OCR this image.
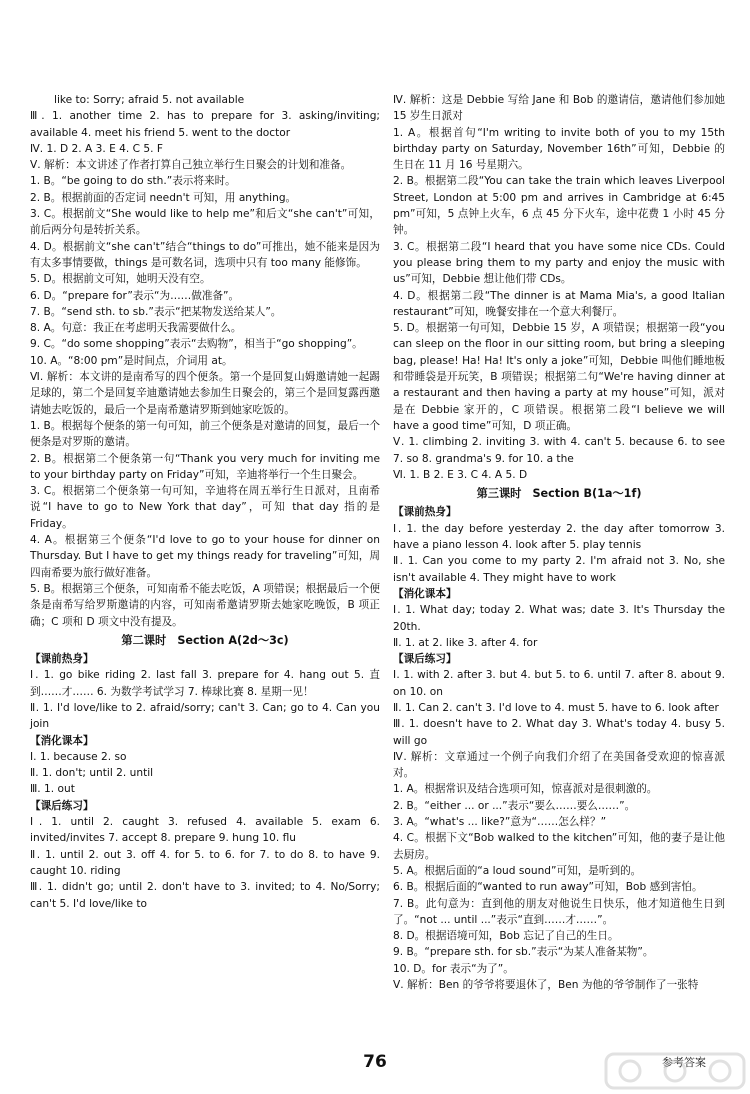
like to: Sorry; afraid 5. not available

Ⅲ. 1. another time 2. has to prepare for 3. asking/inviting; available 4. meet his friend 5. went to the doctor

Ⅳ. 1. D 2. A 3. E 4. C 5. F

Ⅴ. 解析：本文讲述了作者打算自己独立举行生日聚会的计划和准备。

1. B。“be going to do sth.”表示将来时。

2. B。根据前面的否定词 needn't 可知，用 anything。

3. C。根据前文“She would like to help me”和后文“she can't”可知，前后两分句是转折关系。

4. D。根据前文“she can't”结合“things to do”可推出，她不能来是因为有太多事情要做，things 是可数名词，选项中只有 too many 能修饰。

5. D。根据前文可知，她明天没有空。

6. D。“prepare for”表示“为……做准备”。

7. B。“send sth. to sb.”表示“把某物发送给某人”。

8. A。句意：我正在考虑明天我需要做什么。

9. C。“do some shopping”表示“去购物”，相当于“go shopping”。

10. A。“8:00 pm”是时间点，介词用 at。

Ⅵ. 解析：本文讲的是南希写的四个便条。第一个是回复山姆邀请她一起踢足球的，第二个是回复辛迪邀请她去参加生日聚会的，第三个是回复露西邀请她去吃饭的，最后一个是南希邀请罗斯到她家吃饭的。

1. B。根据每个便条的第一句可知，前三个便条是对邀请的回复，最后一个便条是对罗斯的邀请。

2. B。根据第二个便条第一句“Thank you very much for inviting me to your birthday party on Friday”可知，辛迪将举行一个生日聚会。

3. C。根据第二个便条第一句可知，辛迪将在周五举行生日派对，且南希说“I have to go to New York that day”，可知 that day 指的是 Friday。

4. A。根据第三个便条“I'd love to go to your house for dinner on Thursday. But I have to get my things ready for traveling”可知，周四南希要为旅行做好准备。

5. B。根据第三个便条，可知南希不能去吃饭，A 项错误；根据最后一个便条是南希写给罗斯邀请的内容，可知南希邀请罗斯去她家吃晚饭，B 项正确；C 项和 D 项文中没有提及。

第二课时　Section A(2d～3c)

【课前热身】

Ⅰ. 1. go bike riding 2. last fall 3. prepare for 4. hang out 5. 直到……才…… 6. 为数学考试学习 7. 棒球比赛 8. 星期一见！

Ⅱ. 1. I'd love/like to 2. afraid/sorry; can't 3. Can; go to 4. Can you join

【消化课本】

Ⅰ. 1. because 2. so

Ⅱ. 1. don't; until 2. until

Ⅲ. 1. out

【课后练习】

Ⅰ. 1. until 2. caught 3. refused 4. available 5. exam 6. invited/invites 7. accept 8. prepare 9. hung 10. flu

Ⅱ. 1. until 2. out 3. off 4. for 5. to 6. for 7. to do 8. to have 9. caught 10. riding

Ⅲ. 1. didn't go; until 2. don't have to 3. invited; to 4. No/Sorry; can't 5. I'd love/like to

Ⅳ. 解析：这是 Debbie 写给 Jane 和 Bob 的邀请信，邀请他们参加她 15 岁生日派对

1. A。根据首句“I'm writing to invite both of you to my 15th birthday party on Saturday, November 16th”可知，Debbie 的生日在 11 月 16 号星期六。

2. B。根据第二段“You can take the train which leaves Liverpool Street, London at 5:00 pm and arrives in Cambridge at 6:45 pm”可知，5 点钟上火车，6 点 45 分下火车，途中花费 1 小时 45 分钟。

3. C。根据第二段“I heard that you have some nice CDs. Could you please bring them to my party and enjoy the music with us”可知，Debbie 想让他们带 CDs。

4. D。根据第二段“The dinner is at Mama Mia's, a good Italian restaurant”可知，晚餐安排在一个意大利餐厅。

5. D。根据第一句可知，Debbie 15 岁，A 项错误；根据第一段“you can sleep on the floor in our sitting room, but bring a sleeping bag, please! Ha! Ha! It's only a joke”可知，Debbie 叫他们睡地板和带睡袋是开玩笑，B 项错误；根据第二句“We're having dinner at a restaurant and then having a party at my house”可知，派对是在 Debbie 家开的，C 项错误。根据第二段“I believe we will have a good time”可知，D 项正确。

Ⅴ. 1. climbing 2. inviting 3. with 4. can't 5. because 6. to see 7. so 8. grandma's 9. for 10. a the

Ⅵ. 1. B 2. E 3. C 4. A 5. D

第三课时　Section B(1a～1f)

【课前热身】

Ⅰ. 1. the day before yesterday 2. the day after tomorrow 3. have a piano lesson 4. look after 5. play tennis

Ⅱ. 1. Can you come to my party 2. I'm afraid not 3. No, she isn't available 4. They might have to work

【消化课本】

Ⅰ. 1. What day; today 2. What was; date 3. It's Thursday the 20th.

Ⅱ. 1. at 2. like 3. after 4. for

【课后练习】

Ⅰ. 1. with 2. after 3. but 4. but 5. to 6. until 7. after 8. about 9. on 10. on

Ⅱ. 1. Can 2. can't 3. I'd love to 4. must 5. have to 6. look after

Ⅲ. 1. doesn't have to 2. What day 3. What's today 4. busy 5. will go

Ⅳ. 解析：文章通过一个例子向我们介绍了在美国备受欢迎的惊喜派对。

1. A。根据常识及结合选项可知，惊喜派对是很刺激的。

2. B。“either ... or ...”表示“要么……要么……”。

3. A。“what's ... like?”意为“……怎么样？”

4. C。根据下文“Bob walked to the kitchen”可知，他的妻子是让他去厨房。

5. A。根据后面的“a loud sound”可知，是听到的。

6. B。根据后面的“wanted to run away”可知，Bob 感到害怕。

7. B。此句意为：直到他的朋友对他说生日快乐，他才知道他生日到了。“not ... until ...”表示“直到……才……”。

8. D。根据语境可知，Bob 忘记了自己的生日。

9. B。“prepare sth. for sb.”表示“为某人准备某物”。

10. D。for 表示“为了”。

Ⅴ. 解析：Ben 的爷爷将要退休了，Ben 为他的爷爷制作了一张特

76	参考答案
